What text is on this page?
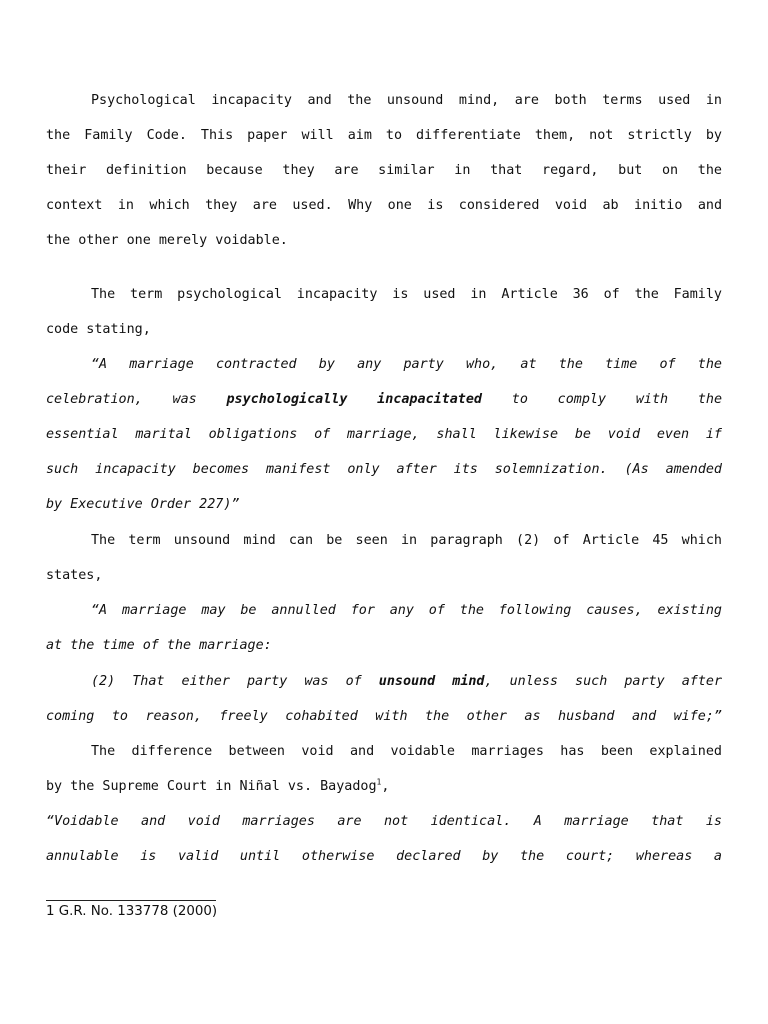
Psychological incapacity and the unsound mind, are both terms used in
the Family Code. This paper will aim to differentiate them, not strictly by
their definition because they are similar in that regard, but on the
context in which they are used. Why one is considered void ab initio and
the other one merely voidable.
The term psychological incapacity is used in Article 36 of the Family
code stating,
“A marriage contracted by any party who, at the time of the
celebration, was psychologically incapacitated to comply with the
essential marital obligations of marriage, shall likewise be void even if
such incapacity becomes manifest only after its solemnization. (As amended
by Executive Order 227)”
The term unsound mind can be seen in paragraph (2) of Article 45 which
states,
“A marriage may be annulled for any of the following causes, existing
at the time of the marriage:
(2) That either party was of unsound mind, unless such party after
coming to reason, freely cohabited with the other as husband and wife;”
The difference between void and voidable marriages has been explained
by the Supreme Court in Niñal vs. Bayadog$^1$,
“Voidable and void marriages are not identical. A marriage that is
annulable is valid until otherwise declared by the court; whereas a
1 G.R. No. 133778 (2000)
